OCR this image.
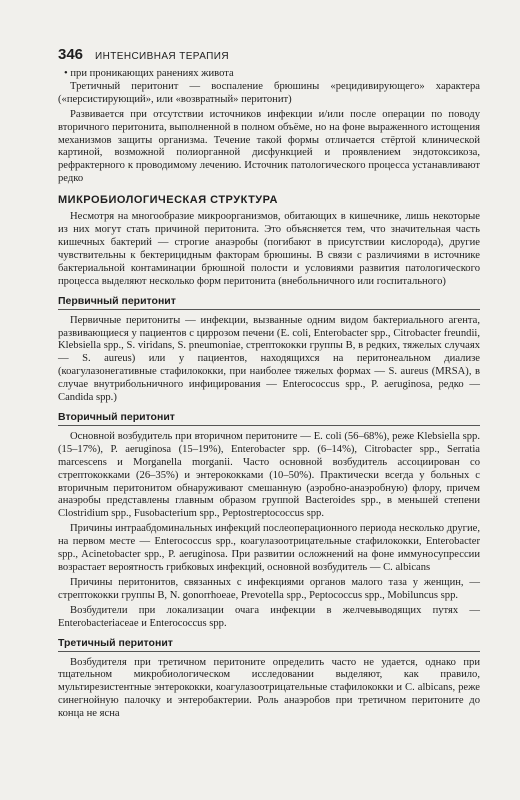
346 ИНТЕНСИВНАЯ ТЕРАПИЯ
• при проникающих ранениях живота

Третичный перитонит — воспаление брюшины «рецидивирующего» характера («персистирующий», или «возвратный» перитонит)

Развивается при отсутствии источников инфекции и/или после операции по поводу вторичного перитонита, выполненной в полном объёме, но на фоне выраженного истощения механизмов защиты организма. Течение такой формы отличается стёртой клинической картиной, возможной полиорганной дисфункцией и проявлением эндотоксикоза, рефрактерного к проводимому лечению. Источник патологического процесса устанавливают редко

МИКРОБИОЛОГИЧЕСКАЯ СТРУКТУРА

Несмотря на многообразие микроорганизмов, обитающих в кишечнике, лишь некоторые из них могут стать причиной перитонита. Это объясняется тем, что значительная часть кишечных бактерий — строгие анаэробы (погибают в присутствии кислорода), другие чувствительны к бектерицидным факторам брюшины. В связи с различиями в источнике бактериальной контаминации брюшной полости и условиями развития патологического процесса выделяют несколько форм перитонита (внебольничного или госпитального)

Первичный перитонит

Первичные перитониты — инфекции, вызванные одним видом бактериального агента, развивающиеся у пациентов с циррозом печени (E. coli, Enterobacter spp., Citrobacter freundii, Klebsiella spp., S. viridans, S. pneumoniae, стрептококки группы B, в редких, тяжелых случаях — S. aureus) или у пациентов, находящихся на перитонеальном диализе (коагулазонегативные стафилококки, при наиболее тяжелых формах — S. aureus (MRSA), в случае внутрибольничного инфицирования — Enterococcus spp., P. aeruginosa, редко — Candida spp.)

Вторичный перитонит

Основной возбудитель при вторичном перитоните — E. coli (56–68%), реже Klebsiella spp. (15–17%), P. aeruginosa (15–19%), Enterobacter spp. (6–14%), Citrobacter spp., Serratia marcescens и Morganella morganii. Часто основной возбудитель ассоциирован со стрептококками (26–35%) и энтерококками (10–50%). Практически всегда у больных с вторичным перитонитом обнаруживают смешанную (аэробно-анаэробную) флору, причем анаэробы представлены главным образом группой Bacteroides spp., в меньшей степени Clostridium spp., Fusobacterium spp., Peptostreptococcus spp.

Причины интраабдоминальных инфекций послеоперационного периода несколько другие, на первом месте — Enterococcus spp., коагулазоотрицательные стафилококки, Enterobacter spp., Acinetobacter spp., P. aeruginosa. При развитии осложнений на фоне иммуносупрессии возрастает вероятность грибковых инфекций, основной возбудитель — C. albicans

Причины перитонитов, связанных с инфекциями органов малого таза у женщин, — стрептококки группы B, N. gonorrhoeae, Prevotella spp., Peptococcus spp., Mobiluncus spp.

Возбудители при локализации очага инфекции в желчевыводящих путях — Enterobacteriaceae и Enterococcus spp.

Третичный перитонит

Возбудителя при третичном перитоните определить часто не удается, однако при тщательном микробиологическом исследовании выделяют, как правило, мультирезистентные энтерококки, коагулазоотрицательные стафилококки и C. albicans, реже синегнойную палочку и энтеробактерии. Роль анаэробов при третичном перитоните до конца не ясна
